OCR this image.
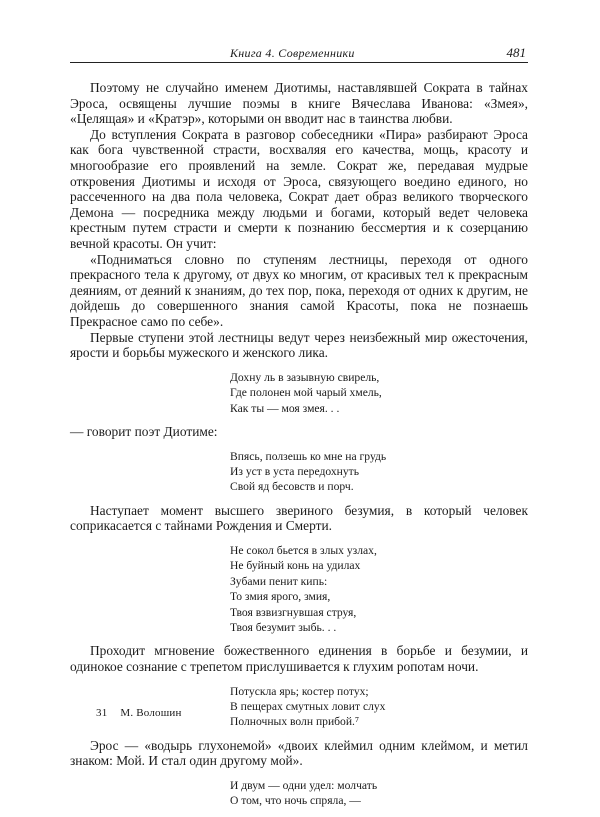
Книга 4. Современники	481

Поэтому не случайно именем Диотимы, наставлявшей Сократа в тайнах Эроса, освящены лучшие поэмы в книге Вячеслава Иванова: «Змея», «Целящая» и «Кратэр», которыми он вводит нас в таинства любви.

До вступления Сократа в разговор собеседники «Пира» разбирают Эроса как бога чувственной страсти, восхваляя его качества, мощь, красоту и многообразие его проявлений на земле. Сократ же, передавая мудрые откровения Диотимы и исходя от Эроса, связующего воедино единого, но рассеченного на два пола человека, Сократ дает образ великого творческого Демона — посредника между людьми и богами, который ведет человека крестным путем страсти и смерти к познанию бессмертия и к созерцанию вечной красоты. Он учит:

«Подниматься словно по ступеням лестницы, переходя от одного прекрасного тела к другому, от двух ко многим, от красивых тел к прекрасным деяниям, от деяний к знаниям, до тех пор, пока, переходя от одних к другим, не дойдешь до совершенного знания самой Красоты, пока не познаешь Прекрасное само по себе».

Первые ступени этой лестницы ведут через неизбежный мир ожесточения, ярости и борьбы мужеского и женского лика.

Дохну ль в зазывную свирель,
Где полонен мой чарый хмель,
Как ты — моя змея. . .

— говорит поэт Диотиме:

Впясь, ползешь ко мне на грудь
Из уст в уста передохнуть
Свой яд бесовств и порч.

Наступает момент высшего звериного безумия, в который человек соприкасается с тайнами Рождения и Смерти.

Не сокол бьется в злых узлах,
Не буйный конь на удилах
Зубами пенит кипь:
То змия ярого, змия,
Твоя взвизгнувшая струя,
Твоя безумит зыбь. . .

Проходит мгновение божественного единения в борьбе и безумии, и одинокое сознание с трепетом прислушивается к глухим ропотам ночи.

Потускла ярь; костер потух;
В пещерах смутных ловит слух
Полночных волн прибой.⁷

Эрос — «водырь глухонемой» «двоих клеймил одним клеймом, и метил знаком: Мой. И стал один другому мой».

И двум — одни удел: молчать
О том, что ночь спряла, —
31 М. Волошин
